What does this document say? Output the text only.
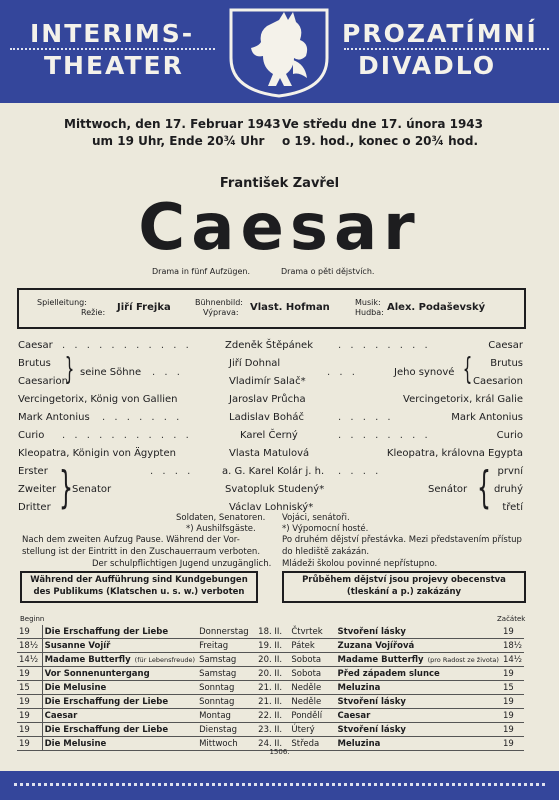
INTERIMS-
THEATER
PROZATÍMNÍ
DIVADLO
Mittwoch, den 17. Februar 1943
um 19 Uhr, Ende 20¾ Uhr
Ve středu dne 17. února 1943
o 19. hod., konec o 20¾ hod.
František Zavřel
Caesar
Drama in fünf Aufzügen.	Drama o pěti dějstvích.
Spielleitung:
Režie: Jiří Frejka	Bühnenbild:
Výprava: Vlast. Hofman	Musik:
Hudba: Alex. Podaševský
Caesar . . . . . . . . . . .	Zdeněk Štěpánek	. . . . . . . .	Caesar
Brutus	Jiří Dohnal	Brutus
Caesarion	Vladimír Salač*	Caesarion
} seine Söhne . . .	. . .	Jeho synové {
Vercingetorix, König von Gallien	Jaroslav Průcha	Vercingetorix, král Galie
Mark Antonius . . . . . . .	Ladislav Boháč	. . . . .	Mark Antonius
Curio . . . . . . . . . . .	Karel Černý	. . . . . . . .	Curio
Kleopatra, Königin von Ägypten	Vlasta Matulová	Kleopatra, královna Egypta
Erster	a. G. Karel Kolár j. h.	první
Zweiter	Svatopluk Studený*	druhý
Dritter	Václav Lohniský*	třetí
} Senator
. . . .	. . . .
Senátor {
Soldaten, Senatoren.
*) Aushilfsgäste.
Nach dem zweiten Aufzug Pause. Während der Vor-
stellung ist der Eintritt in den Zuschauerraum verboten.
Vojáci, senátoři.
*) Výpomocní hosté.
Po druhém dějství přestávka. Mezi představením přístup
do hlediště zakázán.
Während der Aufführung sind Kundgebungen
des Publikums (Klatschen u. s. w.) verboten
Průběhem dějství jsou projevy obecenstva
(tleskání a p.) zakázány
Beginn	Začátek
19	Die Erschaffung der Liebe	Donnerstag	18. II.	Čtvrtek	Stvoření lásky	19
18½	Susanne Vojíř	Freitag	19. II.	Pátek	Zuzana Vojířová	18½
14½	Madame Butterfly (für Lebensfreude)	Samstag	20. II.	Sobota	Madame Butterfly (pro Radost ze života)	14½
19	Vor Sonnenuntergang	Samstag	20. II.	Sobota	Před západem slunce	19
15	Die Melusine	Sonntag	21. II.	Neděle	Meluzina	15
19	Die Erschaffung der Liebe	Sonntag	21. II.	Neděle	Stvoření lásky	19
19	Caesar	Montag	22. II.	Pondělí	Caesar	19
19	Die Erschaffung der Liebe	Dienstag	23. II.	Úterý	Stvoření lásky	19
19	Die Melusine	Mittwoch	24. II.	Středa	Meluzina	19
1506.
Der schulpflichtigen Jugend unzugänglich. Mládeži školou povinné nepřístupno.
